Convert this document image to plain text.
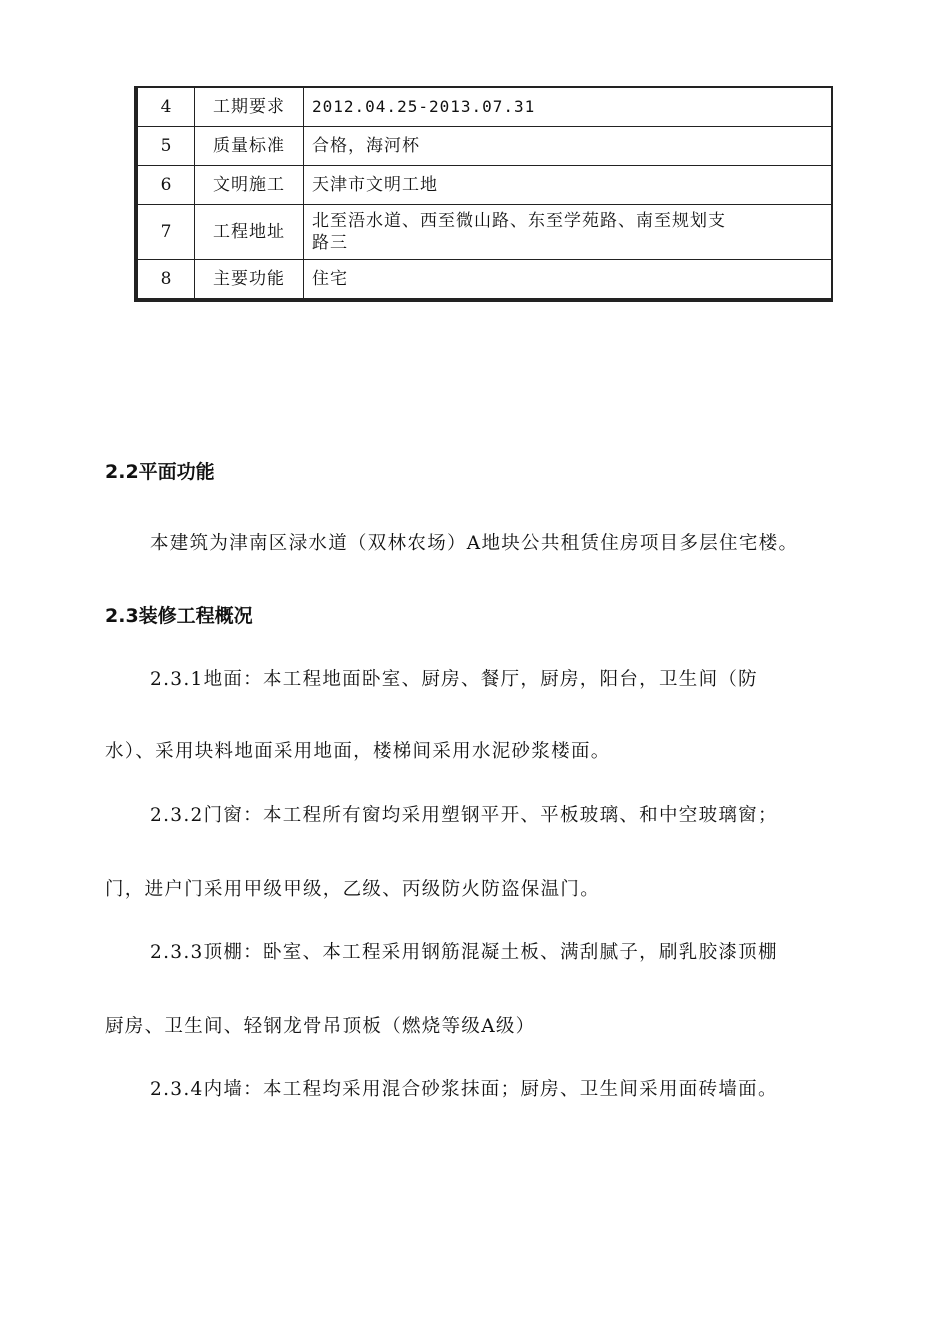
4	工期要求	2012.04.25-2013.07.31
5	质量标准	合格，海河杯
6	文明施工	天津市文明工地
7	工程地址	北至浯水道、西至微山路、东至学苑路、南至规划支
路三

8	主要功能	住宅
2.2平面功能
本建筑为津南区渌水道（双林农场）A地块公共租赁住房项目多层住宅楼。
2.3装修工程概况
2.3.1地面：本工程地面卧室、厨房、餐厅，厨房，阳台，卫生间（防
水）、采用块料地面采用地面，楼梯间采用水泥砂浆楼面。
2.3.2门窗：本工程所有窗均采用塑钢平开、平板玻璃、和中空玻璃窗；
门，进户门采用甲级甲级，乙级、丙级防火防盗保温门。
2.3.3顶棚：卧室、本工程采用钢筋混凝土板、满刮腻子，刷乳胶漆顶棚
厨房、卫生间、轻钢龙骨吊顶板（燃烧等级A级）
2.3.4内墙：本工程均采用混合砂浆抹面；厨房、卫生间采用面砖墙面。
